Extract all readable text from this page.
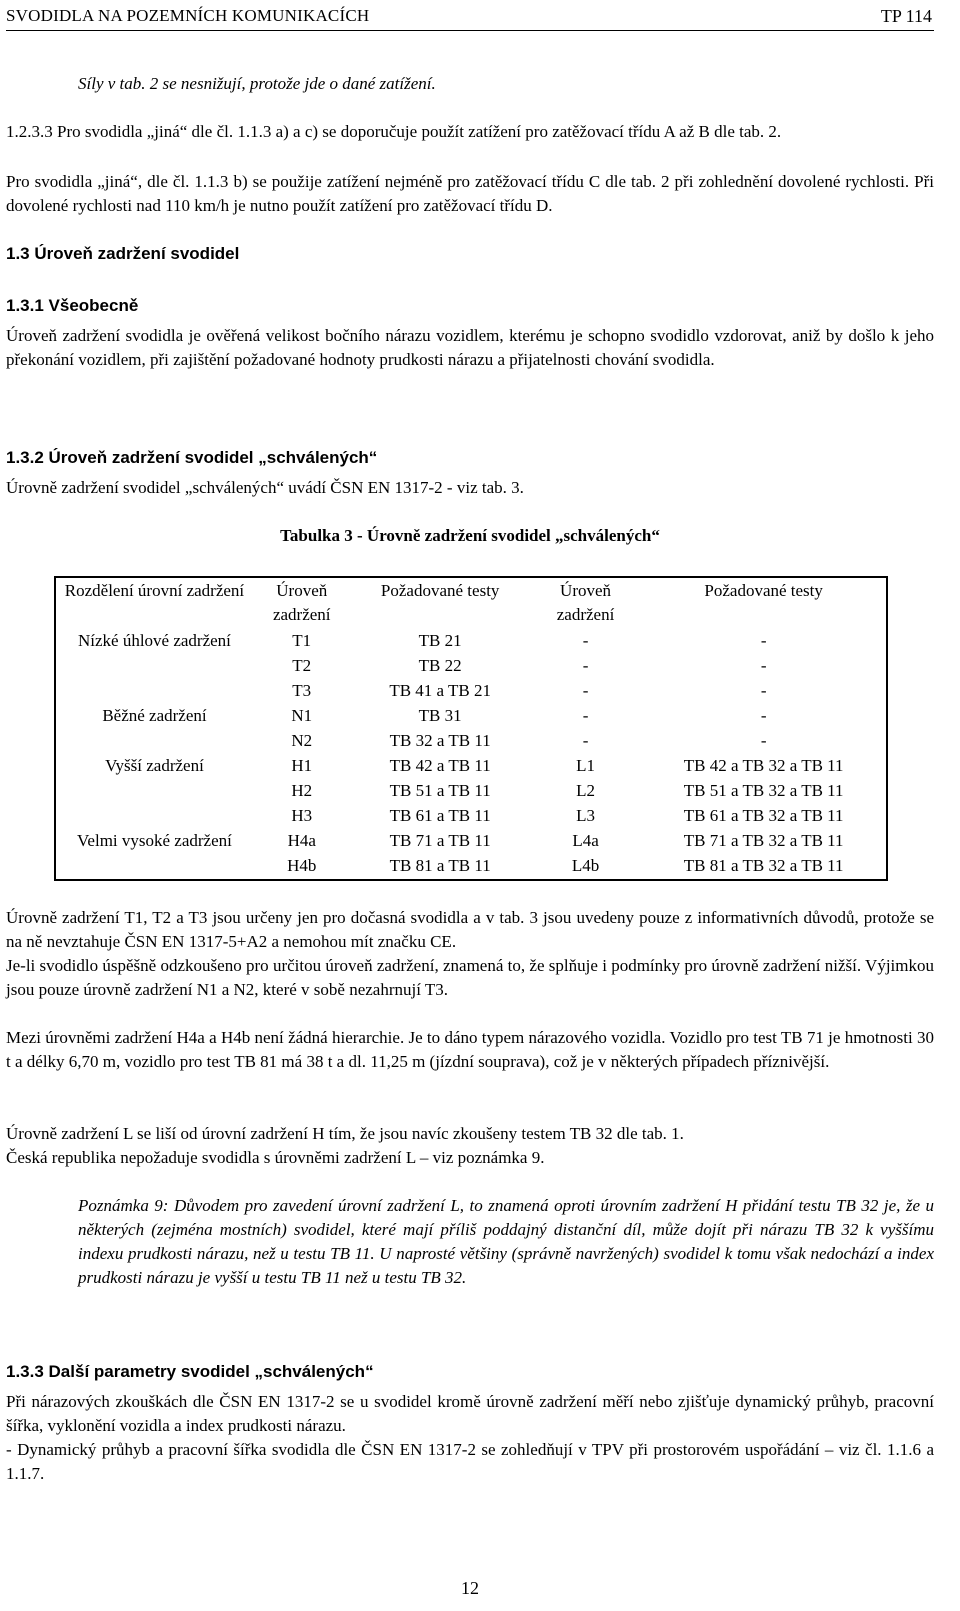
SVODIDLA NA POZEMNÍCH KOMUNIKACÍCH	TP 114
Síly v tab. 2 se nesnižují, protože jde o dané zatížení.
1.2.3.3 Pro svodidla „jiná“ dle čl. 1.1.3 a) a c) se doporučuje použít zatížení pro zatěžovací třídu A až B dle tab. 2.
Pro svodidla „jiná“, dle čl. 1.1.3 b) se použije zatížení nejméně pro zatěžovací třídu C dle tab. 2 při zohlednění dovolené rychlosti. Při dovolené rychlosti nad 110 km/h je nutno použít zatížení pro zatěžovací třídu D.
1.3 Úroveň zadržení svodidel
1.3.1 Všeobecně
Úroveň zadržení svodidla je ověřená velikost bočního nárazu vozidlem, kterému je schopno svodidlo vzdorovat, aniž by došlo k jeho překonání vozidlem, při zajištění požadované hodnoty prudkosti nárazu a přijatelnosti chování svodidla.
1.3.2 Úroveň zadržení svodidel „schválených“
Úrovně zadržení svodidel „schválených“ uvádí ČSN EN 1317-2 - viz tab. 3.
Tabulka 3 - Úrovně zadržení svodidel „schválených“
Rozdělení úrovní zadržení	Úroveň zadržení	Požadované testy	Úroveň zadržení	Požadované testy
Nízké úhlové zadržení	T1	TB 21	-	-
	T2	TB 22	-	-
	T3	TB 41 a TB 21	-	-
Běžné zadržení	N1	TB 31	-	-
	N2	TB 32 a TB 11	-	-
Vyšší zadržení	H1	TB 42 a TB 11	L1	TB 42 a TB 32 a TB 11
	H2	TB 51 a TB 11	L2	TB 51 a TB 32 a TB 11
	H3	TB 61 a TB 11	L3	TB 61 a TB 32 a TB 11
Velmi vysoké zadržení	H4a	TB 71 a TB 11	L4a	TB 71 a TB 32 a TB 11
	H4b	TB 81 a TB 11	L4b	TB 81 a TB 32 a TB 11
Úrovně zadržení T1, T2 a T3 jsou určeny jen pro dočasná svodidla a v tab. 3 jsou uvedeny pouze z informativních důvodů, protože se na ně nevztahuje ČSN EN 1317-5+A2 a nemohou mít značku CE.
Je-li svodidlo úspěšně odzkoušeno pro určitou úroveň zadržení, znamená to, že splňuje i podmínky pro úrovně zadržení nižší. Výjimkou jsou pouze úrovně zadržení N1 a N2, které v sobě nezahrnují T3.
Mezi úrovněmi zadržení H4a a H4b není žádná hierarchie. Je to dáno typem nárazového vozidla. Vozidlo pro test TB 71 je hmotnosti 30 t a délky 6,70 m, vozidlo pro test TB 81 má 38 t a dl. 11,25 m (jízdní souprava), což je v některých případech příznivější.
Úrovně zadržení L se liší od úrovní zadržení H tím, že jsou navíc zkoušeny testem TB 32 dle tab. 1.
Česká republika nepožaduje svodidla s úrovněmi zadržení L – viz poznámka 9.
Poznámka 9: Důvodem pro zavedení úrovní zadržení L, to znamená oproti úrovním zadržení H přidání testu TB 32 je, že u některých (zejména mostních) svodidel, které mají příliš poddajný distanční díl, může dojít při nárazu TB 32 k vyššímu indexu prudkosti nárazu, než u testu TB 11. U naprosté většiny (správně navržených) svodidel k tomu však nedochází a index prudkosti nárazu je vyšší u testu TB 11 než u testu TB 32.
1.3.3 Další parametry svodidel „schválených“
Při nárazových zkouškách dle ČSN EN 1317-2 se u svodidel kromě úrovně zadržení měří nebo zjišťuje dynamický průhyb, pracovní šířka, vyklonění vozidla a index prudkosti nárazu.
- Dynamický průhyb a pracovní šířka svodidla dle ČSN EN 1317-2 se zohledňují v TPV při prostorovém uspořádání – viz čl. 1.1.6 a 1.1.7.
12
